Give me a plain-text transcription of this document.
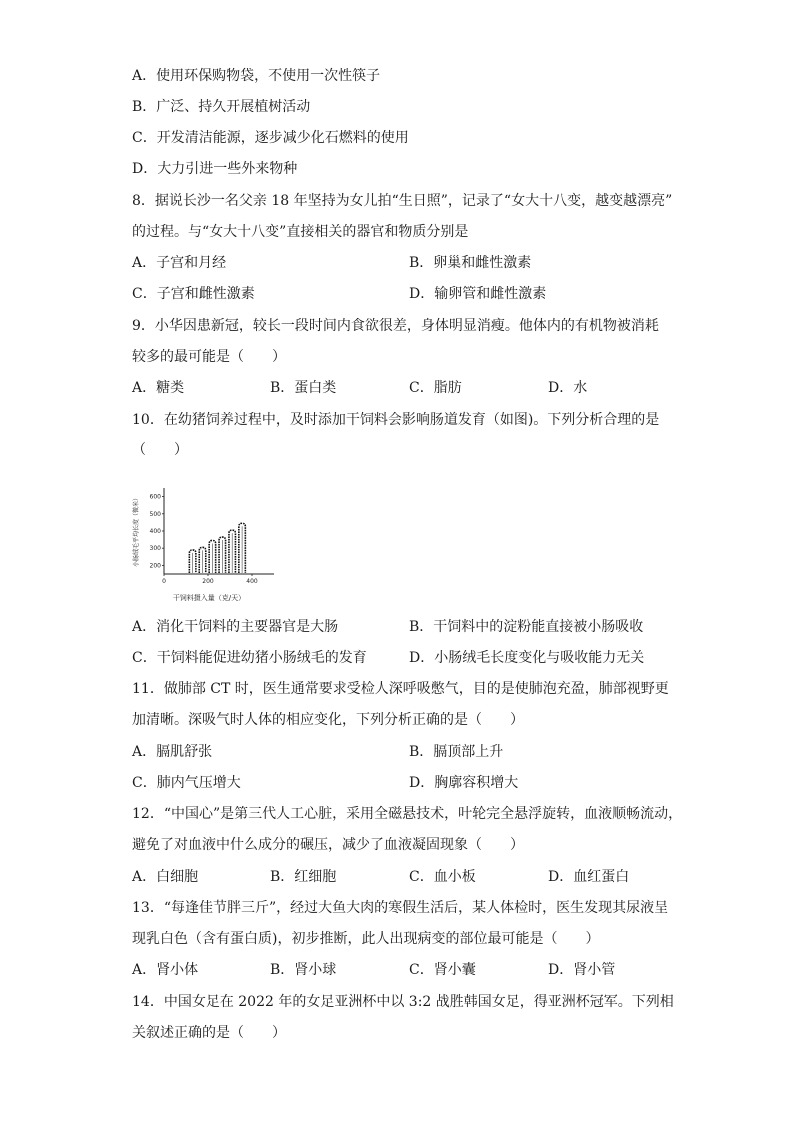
A．使用环保购物袋，不使用一次性筷子
B．广泛、持久开展植树活动
C．开发清洁能源，逐步减少化石燃料的使用
D．大力引进一些外来物种
8．据说长沙一名父亲 18 年坚持为女儿拍“生日照”，记录了“女大十八变，越变越漂亮”
的过程。与“女大十八变”直接相关的器官和物质分别是
A．子宫和月经	B．卵巢和雌性激素
C．子宫和雌性激素	D．输卵管和雌性激素
9．小华因患新冠，较长一段时间内食欲很差，身体明显消瘦。他体内的有机物被消耗
较多的最可能是（　　）
A．糖类	B．蛋白类	C．脂肪	D．水
10．在幼猪饲养过程中，及时添加干饲料会影响肠道发育（如图)。下列分析合理的是
（　　）
200
300
400
500
600
0	200	400
干饲料摄入量（克/天）
小肠绒毛平均长度（微米）
A．消化干饲料的主要器官是大肠	B．干饲料中的淀粉能直接被小肠吸收
C．干饲料能促进幼猪小肠绒毛的发育	D．小肠绒毛长度变化与吸收能力无关
11．做肺部 CT 时，医生通常要求受检人深呼吸憋气，目的是使肺泡充盈，肺部视野更
加清晰。深吸气时人体的相应变化，下列分析正确的是（　　）
A．膈肌舒张	B．膈顶部上升
C．肺内气压增大	D．胸廓容积增大
12．“中国心”是第三代人工心脏，采用全磁悬技术，叶轮完全悬浮旋转，血液顺畅流动，
避免了对血液中什么成分的碾压，减少了血液凝固现象（　　）
A．白细胞	B．红细胞	C．血小板	D．血红蛋白
13．“每逢佳节胖三斤”，经过大鱼大肉的寒假生活后，某人体检时，医生发现其尿液呈
现乳白色（含有蛋白质)，初步推断，此人出现病变的部位最可能是（　　）
A．肾小体	B．肾小球	C．肾小囊	D．肾小管
14．中国女足在 2022 年的女足亚洲杯中以 3:2 战胜韩国女足，得亚洲杯冠军。下列相
关叙述正确的是（　　）
